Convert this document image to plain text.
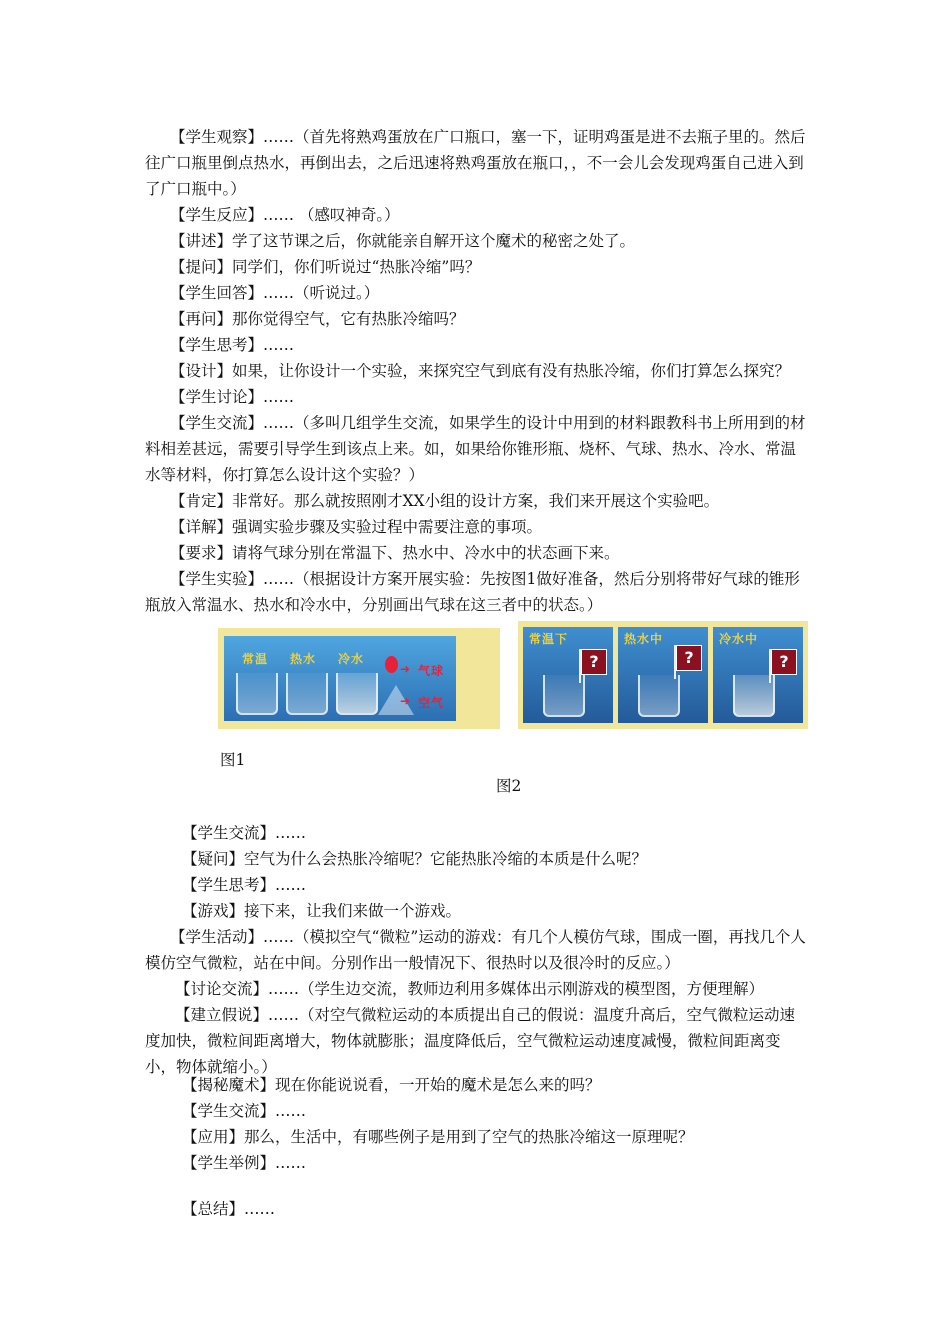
【学生观察】……（首先将熟鸡蛋放在广口瓶口，塞一下，证明鸡蛋是进不去瓶子里的。然后往广口瓶里倒点热水，再倒出去，之后迅速将熟鸡蛋放在瓶口，，不一会儿会发现鸡蛋自己进入到了广口瓶中。）

【学生反应】…… （感叹神奇。）

【讲述】学了这节课之后，你就能亲自解开这个魔术的秘密之处了。

【提问】同学们，你们听说过“热胀冷缩”吗？

【学生回答】……（听说过。）

【再问】那你觉得空气，它有热胀冷缩吗？

【学生思考】……

【设计】如果，让你设计一个实验，来探究空气到底有没有热胀冷缩，你们打算怎么探究？

【学生讨论】……

【学生交流】……（多叫几组学生交流，如果学生的设计中用到的材料跟教科书上所用到的材料相差甚远，需要引导学生到该点上来。如，如果给你锥形瓶、烧杯、气球、热水、冷水、常温水等材料，你打算怎么设计这个实验？）

【肯定】非常好。那么就按照刚才XX小组的设计方案，我们来开展这个实验吧。

【详解】强调实验步骤及实验过程中需要注意的事项。

【要求】请将气球分别在常温下、热水中、冷水中的状态画下来。

【学生实验】……（根据设计方案开展实验：先按图1做好准备，然后分别将带好气球的锥形瓶放入常温水、热水和冷水中，分别画出气球在这三者中的状态。）

常温 热水 冷水
➜ 气球
➜ 空气
常温下
?
热水中
?
冷水中
?
图1
图2

【学生交流】……

【疑问】空气为什么会热胀冷缩呢？它能热胀冷缩的本质是什么呢？

【学生思考】……

【游戏】接下来，让我们来做一个游戏。

【学生活动】……（模拟空气“微粒”运动的游戏：有几个人模仿气球，围成一圈，再找几个人模仿空气微粒，站在中间。分别作出一般情况下、很热时以及很冷时的反应。）

【讨论交流】……（学生边交流，教师边利用多媒体出示刚游戏的模型图，方便理解）

【建立假说】……（对空气微粒运动的本质提出自己的假说：温度升高后，空气微粒运动速度加快，微粒间距离增大，物体就膨胀；温度降低后，空气微粒运动速度减慢，微粒间距离变小，物体就缩小。）

【揭秘魔术】现在你能说说看，一开始的魔术是怎么来的吗？

【学生交流】……

【应用】那么，生活中，有哪些例子是用到了空气的热胀冷缩这一原理呢？

【学生举例】……

【总结】……
